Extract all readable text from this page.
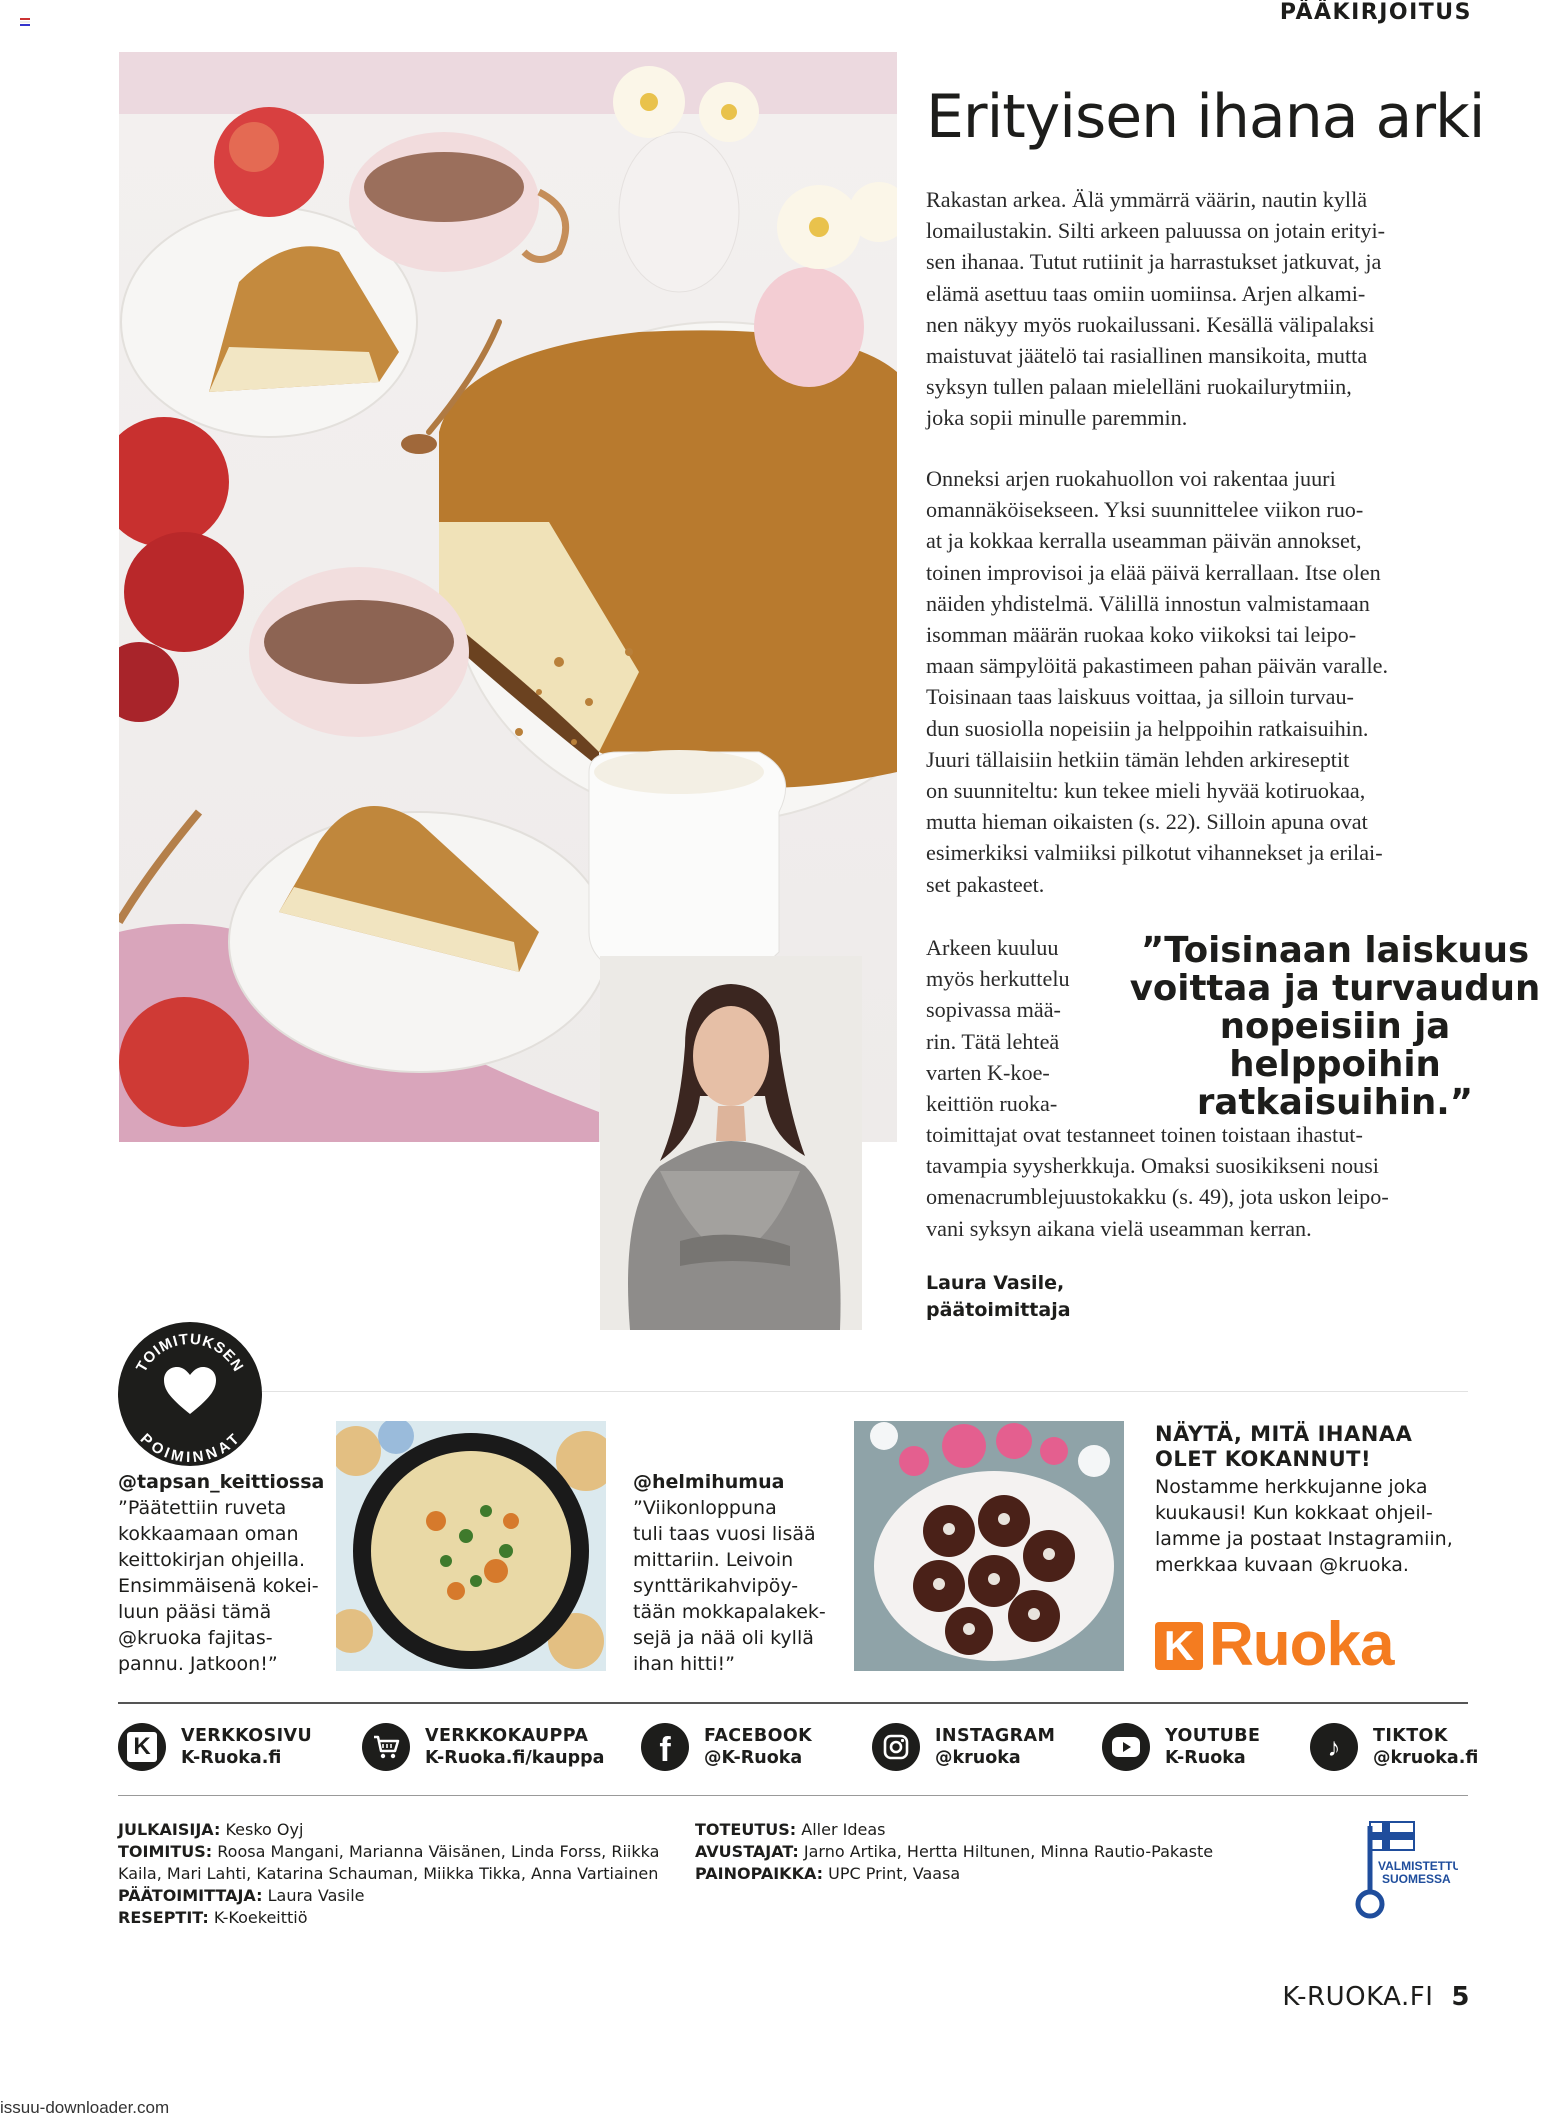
PÄÄKIRJOITUS
Erityisen ihana arki
Rakastan arkea. Älä ymmärrä väärin, nautin kyllä
lomailustakin. Silti arkeen paluussa on jotain erityi-
sen ihanaa. Tutut rutiinit ja harrastukset jatkuvat, ja
elämä asettuu taas omiin uomiinsa. Arjen alkami-
nen näkyy myös ruokailussani. Kesällä välipalaksi
maistuvat jäätelö tai rasiallinen mansikoita, mutta
syksyn tullen palaan mielelläni ruokailurytmiin,
joka sopii minulle paremmin.
Onneksi arjen ruokahuollon voi rakentaa juuri
omannäköisekseen. Yksi suunnittelee viikon ruo-
at ja kokkaa kerralla useamman päivän annokset,
toinen improvisoi ja elää päivä kerrallaan. Itse olen
näiden yhdistelmä. Välillä innostun valmistamaan
isomman määrän ruokaa koko viikoksi tai leipo-
maan sämpylöitä pakastimeen pahan päivän varalle.
Toisinaan taas laiskuus voittaa, ja silloin turvau-
dun suosiolla nopeisiin ja helppoihin ratkaisuihin.
Juuri tällaisiin hetkiin tämän lehden arkireseptit
on suunniteltu: kun tekee mieli hyvää kotiruokaa,
mutta hieman oikaisten (s. 22). Silloin apuna ovat
esimerkiksi valmiiksi pilkotut vihannekset ja erilai-
set pakasteet.
Arkeen kuuluu
myös herkuttelu
sopivassa mää-
rin. Tätä lehteä
varten K-koe-
keittiön ruoka-
”Toisinaan laiskuus
voittaa ja turvaudun
nopeisiin ja helppoihin
ratkaisuihin.”
toimittajat ovat testanneet toinen toistaan ihastut-
tavampia syysherkkuja. Omaksi suosikikseni nousi
omenacrumblejuustokakku (s. 49), jota uskon leipo-
vani syksyn aikana vielä useamman kerran.
Laura Vasile,
päätoimittaja
TOIMITUKSEN
POIMINNAT
@tapsan_keittiossa
”Päätettiin ruveta
kokkaamaan oman
keittokirjan ohjeilla.
Ensimmäisenä kokei-
luun pääsi tämä
@kruoka fajitas-
pannu. Jatkoon!”
@helmihumua
”Viikonloppuna
tuli taas vuosi lisää
mittariin. Leivoin
synttärikahvipöy-
tään mokkapalakek-
sejä ja nää oli kyllä
ihan hitti!”
NÄYTÄ, MITÄ IHANAA
OLET KOKANNUT!
Nostamme herkkujanne joka
kuukausi! Kun kokkaat ohjeil-
lamme ja postaat Instagramiin,
merkkaa kuvaan @kruoka.
K Ruoka
K	VERKKOSIVU
K-Ruoka.fi
VERKKOKAUPPA
K-Ruoka.fi/kauppa f FACEBOOK
@K-Ruoka
INSTAGRAM
@kruoka
YOUTUBE
K-Ruoka	♪ TIKTOK
@kruoka.fi
JULKAISIJA: Kesko Oyj
TOIMITUS: Roosa Mangani, Marianna Väisänen, Linda Forss, Riikka
Kaila, Mari Lahti, Katarina Schauman, Miikka Tikka, Anna Vartiainen
PÄÄTOIMITTAJA: Laura Vasile
RESEPTIT: K-Koekeittiö
TOTEUTUS: Aller Ideas
AVUSTAJAT: Jarno Artika, Hertta Hiltunen, Minna Rautio-Pakaste
PAINOPAIKKA: UPC Print, Vaasa	VALMISTETTU
SUOMESSA
K-RUOKA.FI 5
issuu-downloader.com
